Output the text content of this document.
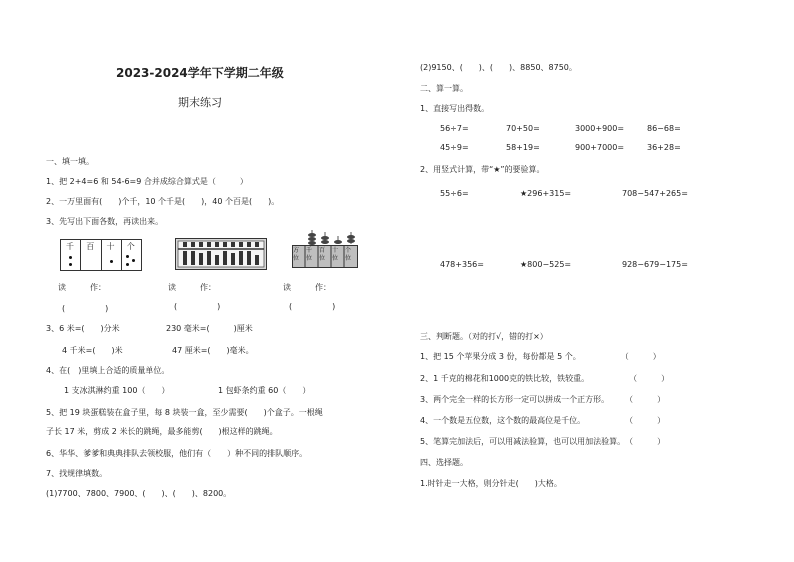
2023-2024学年下学期二年级
期末练习
一、填一填。
1、把 2+4=6 和 54-6=9 合并成综合算式是（　　　）
2、一万里面有(　　)个千，10 个千是(　　)，40 个百是(　　)。
3、先写出下面各数，再读出来。
千 百 十 个	方位
千位
百位
十位
个位
读　　　作：	读　　　作：	读　　　作：
(　　　　　)	(　　　　　)	(　　　　　)
3、6 米=(　　)分米	230 毫米=(　　　)厘米
4 千米=(　　)米	47 厘米=(　　)毫米。
4、在(　)里填上合适的质量单位。
1 支冰淇淋约重 100（　　）	1 包虾条约重 60（　　）
5、把 19 块蛋糕装在盒子里，每 8 块装一盒，至少需要(　　)个盒子。一根绳
子长 17 米，剪成 2 米长的跳绳，最多能剪(　　)根这样的跳绳。
6、华华、爹爹和典典排队去领校服，他们有（　　）种不同的排队顺序。
7、找规律填数。
(1)7700、7800、7900、(　　)、(　　)、8200。
(2)9150、(　　)、(　　)、8850、8750。
二、算一算。
1、直接写出得数。
56÷7=	70+50=	3000+900=	86−68=
45÷9=	58+19=	900+7000=	36+28=
2、用竖式计算，带“★”的要验算。
55÷6=	★296+315=	708−547+265=
478+356=	★800−525=	928−679−175=
三、判断题。（对的打√，错的打×）
1、把 15 个苹果分成 3 份，每份都是 5 个。　　　　　　（　　　）
2、1 千克的棉花和1000克的铁比较，铁较重。　　　　　　（　　　）
3、两个完全一样的长方形一定可以拼成一个正方形。　　　（　　　）
4、一个数是五位数，这个数的最高位是千位。　　　　　　（　　　）
5、笔算完加法后，可以用减法验算，也可以用加法验算。　（　　　）
四、选择题。
1.时针走一大格，则分针走(　　)大格。
